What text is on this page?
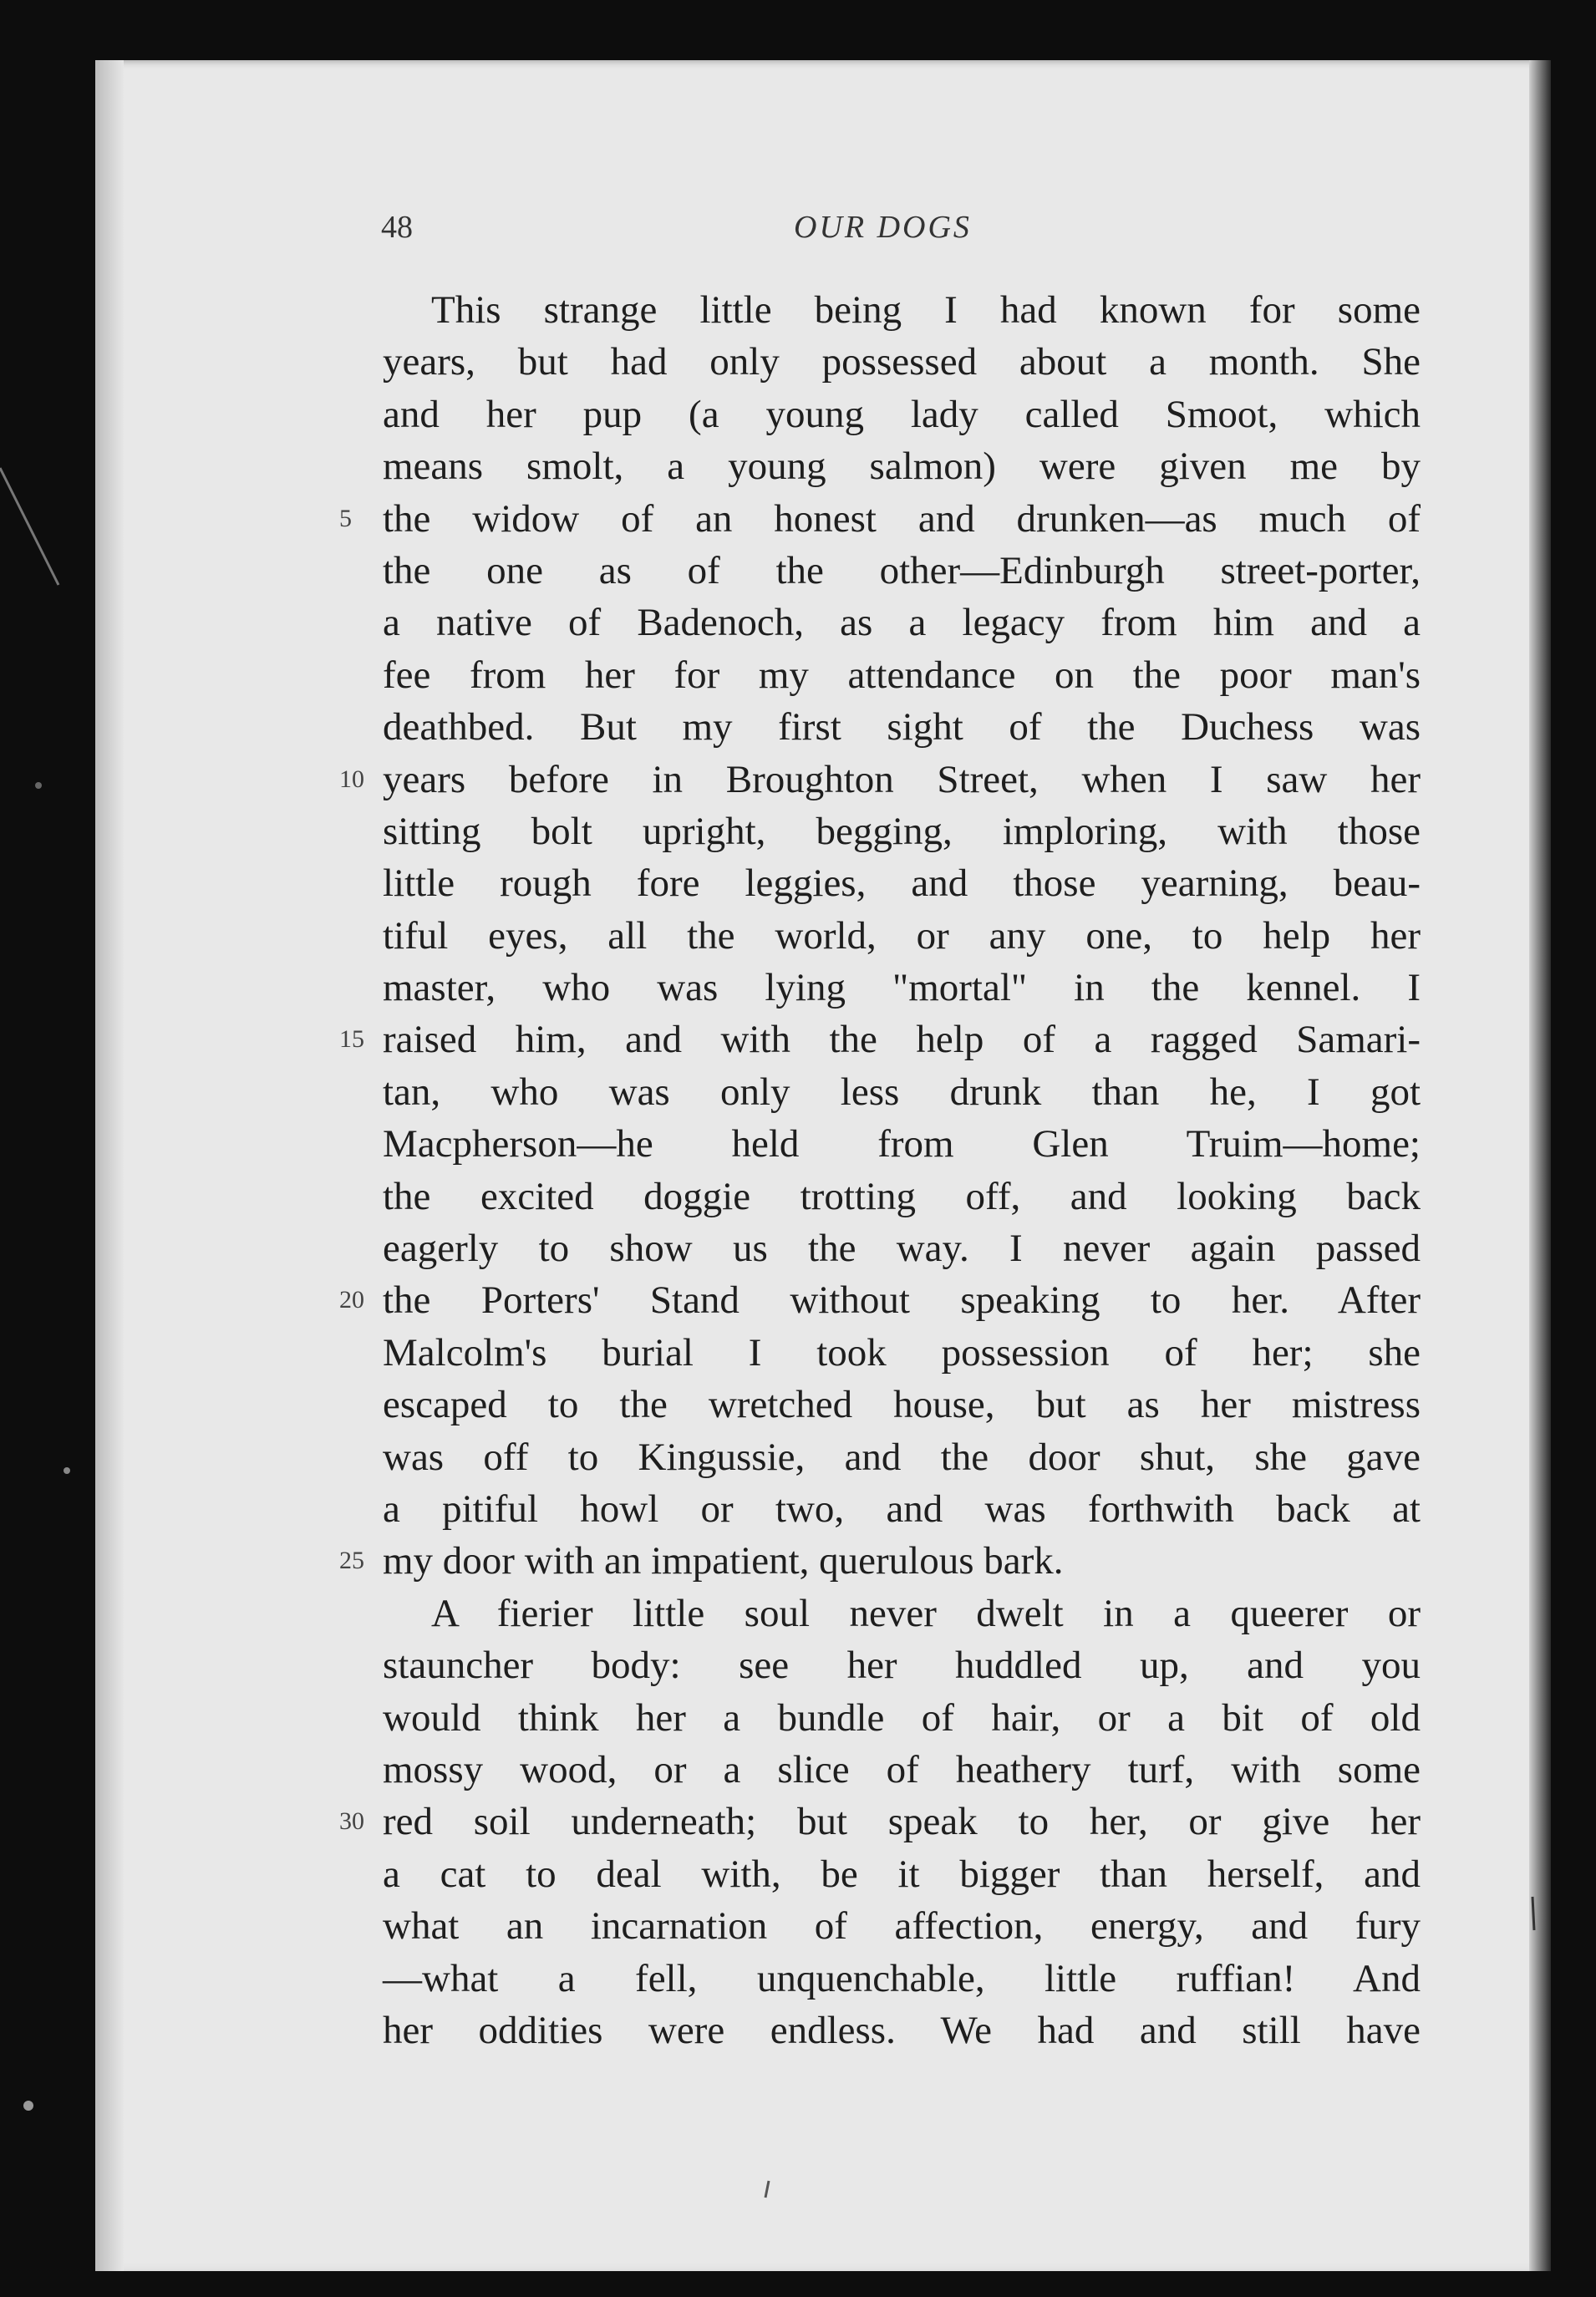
48	OUR DOGS
This strange little being I had known for some
years, but had only possessed about a month. She
and her pup (a young lady called Smoot, which
means smolt, a young salmon) were given me by
the widow of an honest and drunken—as much of
5
the one as of the other—Edinburgh street-porter,
a native of Badenoch, as a legacy from him and a
fee from her for my attendance on the poor man's
deathbed. But my first sight of the Duchess was
years before in Broughton Street, when I saw her
10
sitting bolt upright, begging, imploring, with those
little rough fore leggies, and those yearning, beau-
tiful eyes, all the world, or any one, to help her
master, who was lying "mortal" in the kennel. I
raised him, and with the help of a ragged Samari-
15
tan, who was only less drunk than he, I got
Macpherson—he held from Glen Truim—home;
the excited doggie trotting off, and looking back
eagerly to show us the way. I never again passed
the Porters' Stand without speaking to her. After
20
Malcolm's burial I took possession of her; she
escaped to the wretched house, but as her mistress
was off to Kingussie, and the door shut, she gave
a pitiful howl or two, and was forthwith back at
my door with an impatient, querulous bark.
25
A fierier little soul never dwelt in a queerer or
stauncher body: see her huddled up, and you
would think her a bundle of hair, or a bit of old
mossy wood, or a slice of heathery turf, with some
red soil underneath; but speak to her, or give her
30
a cat to deal with, be it bigger than herself, and
what an incarnation of affection, energy, and fury
—what a fell, unquenchable, little ruffian! And
her oddities were endless. We had and still have
